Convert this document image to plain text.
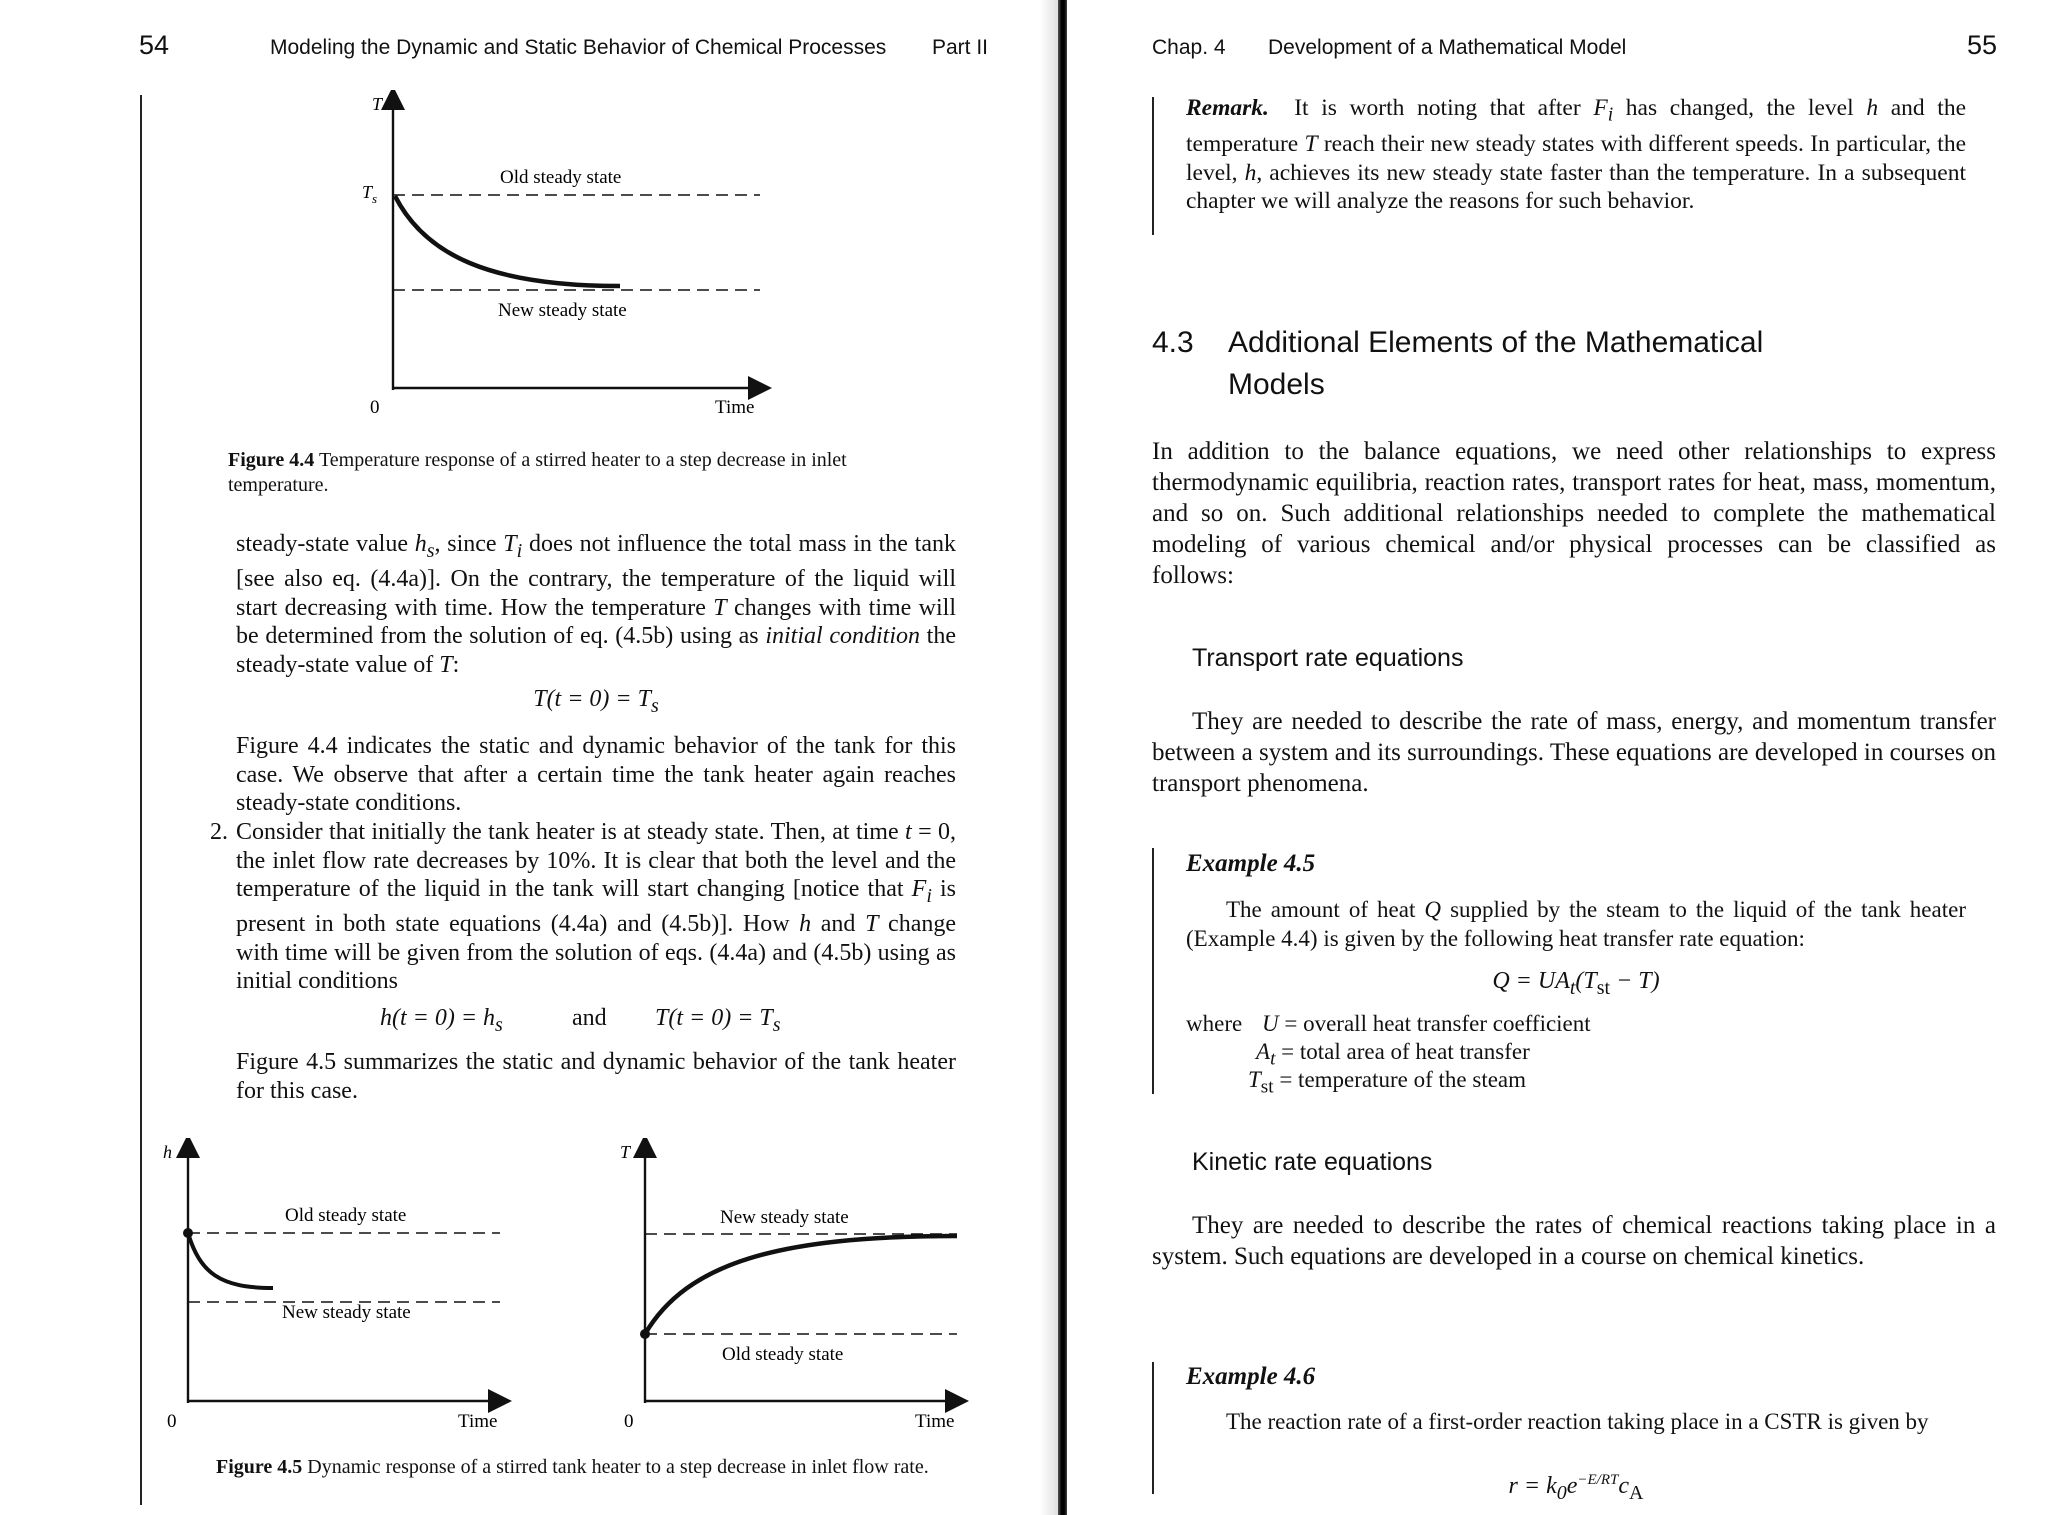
54	Modeling the Dynamic and Static Behavior of Chemical Processes Part II
T
$T_s$
Old steady state
New steady state
0	Time
Figure 4.4 Temperature response of a stirred heater to a step decrease in inlet temperature.
steady-state value $h_s$, since $T_i$ does not influence the total mass in the tank [see also eq. (4.4a)]. On the contrary, the temperature of the liquid will start decreasing with time. How the temperature T changes with time will be determined from the solution of eq. (4.5b) using as initial condition the steady-state value of T:
$T(t = 0) = T_s$
Figure 4.4 indicates the static and dynamic behavior of the tank for this case. We observe that after a certain time the tank heater again reaches steady-state conditions.
2. Consider that initially the tank heater is at steady state. Then, at time t = 0, the inlet flow rate decreases by 10%. It is clear that both the level and the temperature of the liquid in the tank will start changing [notice that $F_i$ is present in both state equations (4.4a) and (4.5b)]. How h and T change with time will be given from the solution of eqs. (4.4a) and (4.5b) using as initial conditions
$h(t = 0) = h_s$	and $T(t = 0) = T_s$
Figure 4.5 summarizes the static and dynamic behavior of the tank heater for this case.
h
Old steady state
New steady state
0	Time
T
New steady state
Old steady state
0	Time
Figure 4.5 Dynamic response of a stirred tank heater to a step decrease in inlet flow rate.
Chap. 4 Development of a Mathematical Model	55
Remark. It is worth noting that after $F_i$ has changed, the level h and the temperature T reach their new steady states with different speeds. In particular, the level, h, achieves its new steady state faster than the temperature. In a subsequent chapter we will analyze the reasons for such behavior.
4.3 Additional Elements of the Mathematical
Models
In addition to the balance equations, we need other relationships to express thermodynamic equilibria, reaction rates, transport rates for heat, mass, momentum, and so on. Such additional relationships needed to complete the mathematical modeling of various chemical and/or physical processes can be classified as follows:
Transport rate equations
They are needed to describe the rate of mass, energy, and momentum transfer between a system and its surroundings. These equations are developed in courses on transport phenomena.
Example 4.5
The amount of heat Q supplied by the steam to the liquid of the tank heater (Example 4.4) is given by the following heat transfer rate equation:
$Q = UA_t(T_{st} - T)$
where U = overall heat transfer coefficient
$A_t$ = total area of heat transfer
$T_{st}$ = temperature of the steam
Kinetic rate equations
They are needed to describe the rates of chemical reactions taking place in a system. Such equations are developed in a course on chemical kinetics.
Example 4.6
The reaction rate of a first-order reaction taking place in a CSTR is given by
$r = k_0e^{-E/RT}c_A$
